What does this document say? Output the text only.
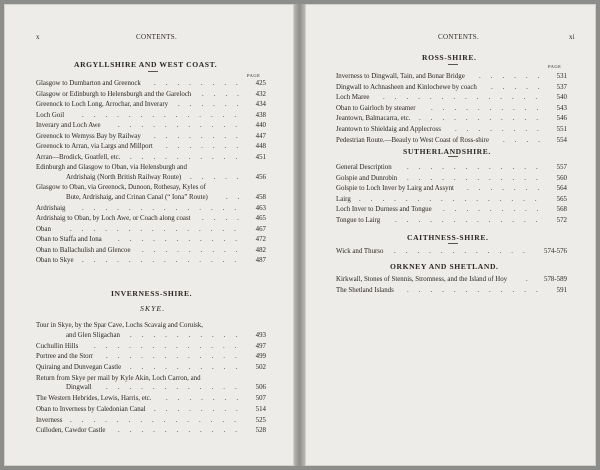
x	CONTENTS.
ARGYLLSHIRE AND WEST COAST.
PAGE
INVERNESS-SHIRE.
SKYE.
Glasgow to Dumbarton and Greenock	425
........
Glasgow or Edinburgh to Helensburgh and the Gareloch	432
....
Greenock to Loch Long, Arrochar, and Inverary	434
......
Loch Goil	438
..............
Inverary and Loch Awe	440
...........
Greenock to Wemyss Bay by Railway	447
........
Greenock to Arran, via Largs and Millport	448
.......
Arran—Brodick, Goatfell, etc.	451
..........
Edinburgh and Glasgow to Oban, via Helensburgh and
Ardrishaig (North British Railway Route)	456
.....
Glasgow to Oban, via Greenock, Dunoon, Rothesay, Kyles of
Bute, Ardrishaig, and Crinan Canal (“ Iona” Route)	458
..
Ardrishaig	463
..............
Ardrishaig to Oban, by Loch Awe, or Coach along coast	465
....
Oban	467
...............
Oban to Staffa and Iona	472
...........
Oban to Ballachulish and Glencoe	482
.........
Oban to Skye	487
..............
Tour in Skye, by the Spar Cave, Lochs Scavaig and Coruisk,
and Glen Sligachan	493
..........
Cuchullin Hills	497
.............
Portree and the Storr	499
............
Quiraing and Dunvegan Castle	502
..........
Return from Skye per mail by Kyle Akin, Loch Carron, and
Dingwall	506
............
The Western Hebrides, Lewis, Harris, etc.	507
.......
Oban to Inverness by Caledonian Canal	514
........
Inverness	525
...............
Culloden, Cawdor Castle	528
...........
CONTENTS.	xi
ROSS-SHIRE.
PAGE
SUTHERLANDSHIRE.
CAITHNESS-SHIRE.
ORKNEY AND SHETLAND.
Inverness to Dingwall, Tain, and Bonar Bridge	531
......
Dingwall to Achnasheen and Kinlochewe by coach	537
.....
Loch Maree	540
..............
Oban to Gairloch by steamer	543
..........
Jeantown, Balmacarra, etc.	546
...........
Jeantown to Shieldaig and Applecross	551
........
Pedestrian Route.—Beauly to West Coast of Ross-shire	554
....
General Description	557
............
Golspie and Dunrobin	560
............
Golspie to Loch Inver by Lairg and Assynt	564
.......
Lairg	565
................
Loch Inver to Durness and Tongue	568
.........
Tongue to Lairg	572
.............
Wick and Thurso	574-576
............
Kirkwall, Stones of Stennis, Stromness, and the Island of Hoy	578-589
.
The Shetland Islands	591
............
